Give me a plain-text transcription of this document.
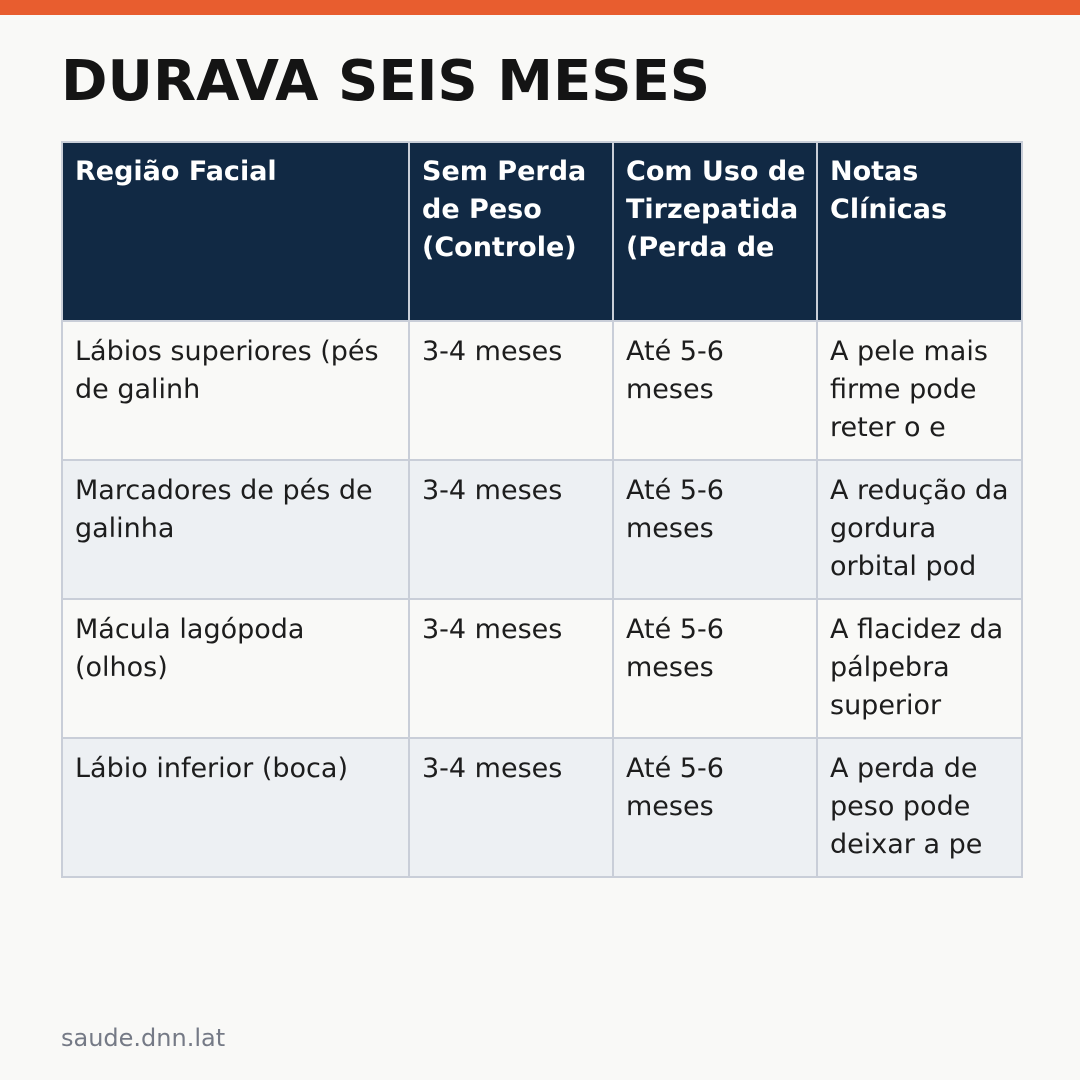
DURAVA SEIS MESES
Região Facial	Sem Perda de Peso (Controle)	Com Uso de Tirzepatida (Perda de	Notas Clínicas

Lábios superiores (pés de galinh	3-4 meses	Até 5-6 meses	A pele mais firme pode reter o e

Marcadores de pés de galinha	3-4 meses	Até 5-6 meses	A redução da gordura orbital pod

Mácula lagópoda (olhos)	3-4 meses	Até 5-6 meses	A flacidez da pálpebra superior

Lábio inferior (boca)	3-4 meses	Até 5-6 meses	A perda de peso pode deixar a pe
saude.dnn.lat
